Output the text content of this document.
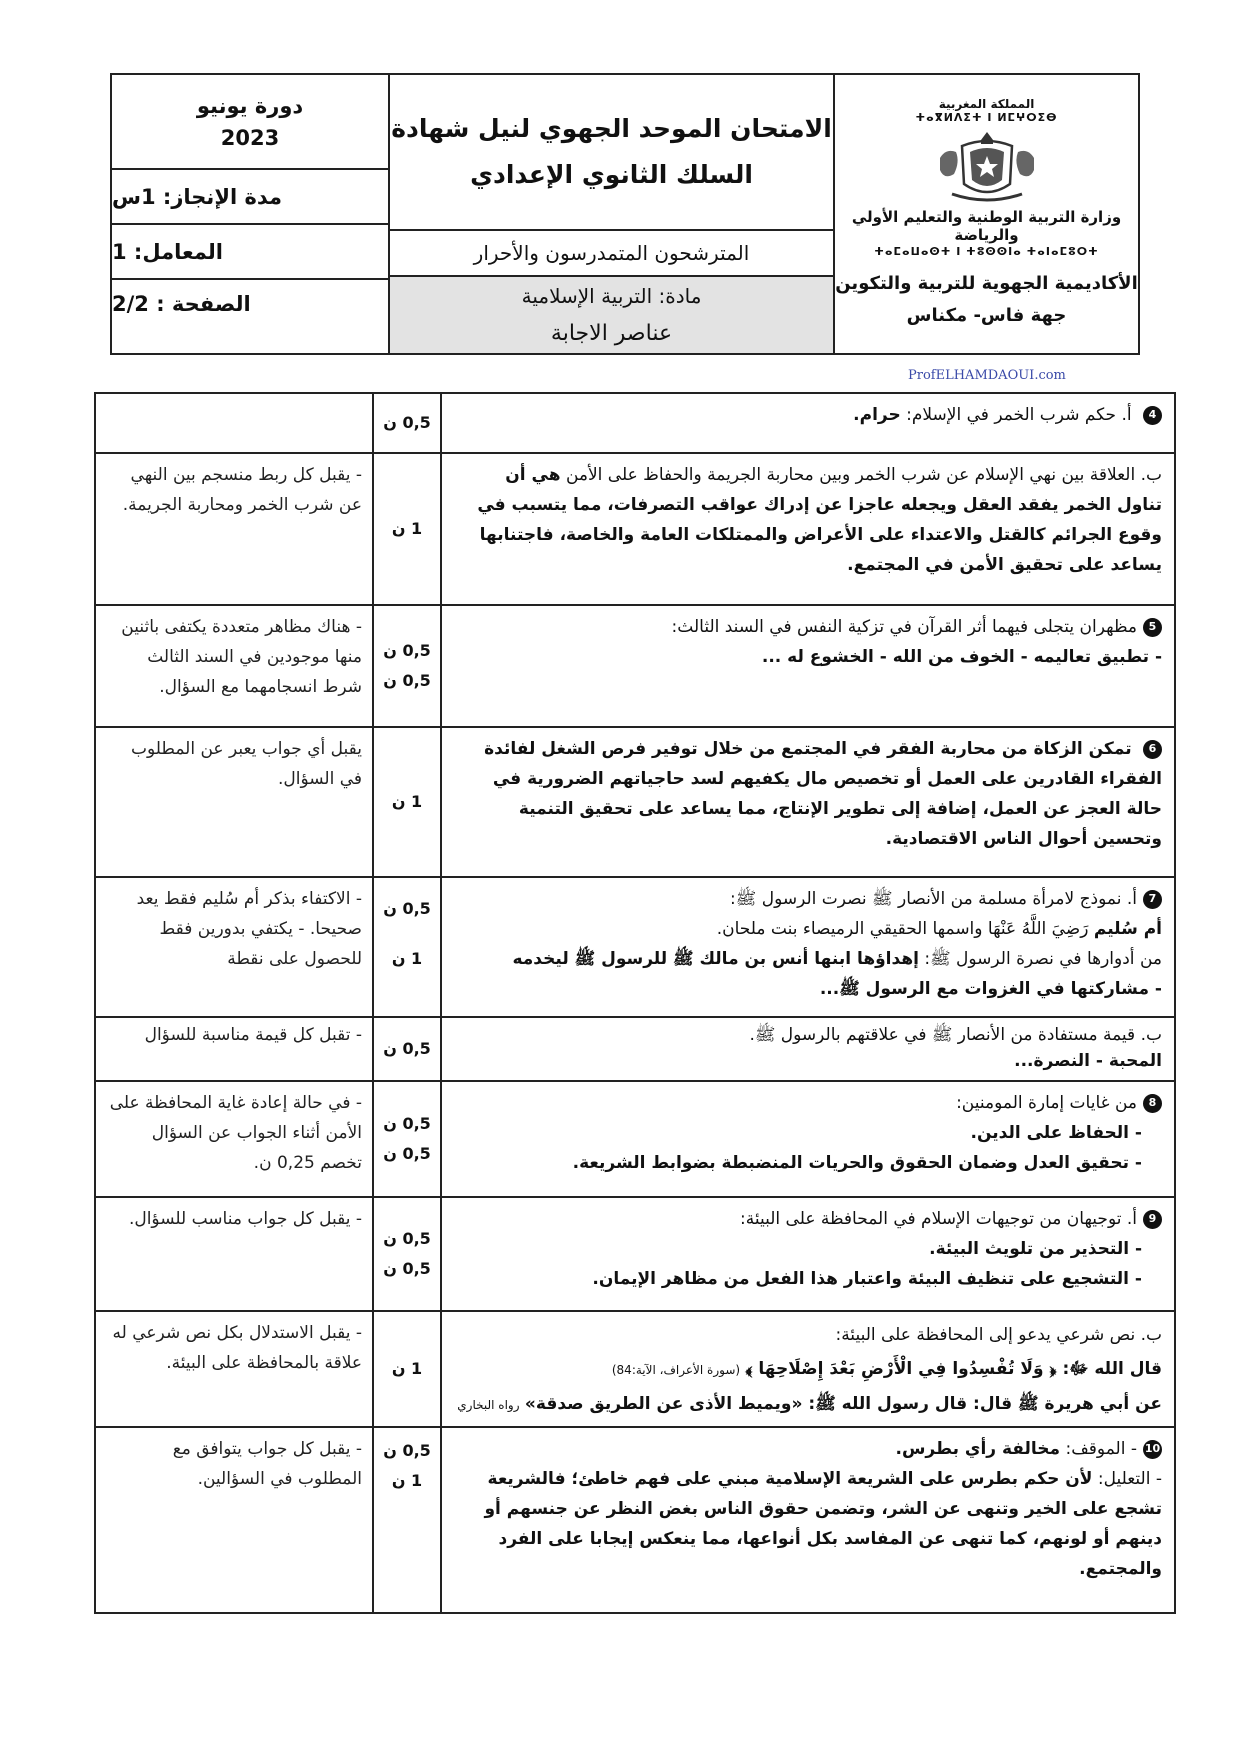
المملكة المغربية
ⵜⴰⴳⵍⴷⵉⵜ ⵏ ⵍⵎⵖⵔⵉⴱ
وزارة التربية الوطنية والتعليم الأولي والرياضة
ⵜⴰⵎⴰⵡⴰⵙⵜ ⵏ ⵜⵓⵙⵙⵏⴰ ⵜⴰⵏⴰⵎⵓⵔⵜ
الأكاديمية الجهوية للتربية والتكوين
جهة فاس- مكناس
الامتحان الموحد الجهوي لنيل شهادة
السلك الثانوي الإعدادي
المترشحون المتمدرسون والأحرار
مادة: التربية الإسلامية
عناصر الاجابة
دورة يونيو
2023
مدة الإنجاز: 1س
المعامل: 1
الصفحة : 2/2
ProfELHAMDAOUI.com
4 أ. حكم شرب الخمر في الإسلام: حرام.
0,5 ن
ب. العلاقة بين نهي الإسلام عن شرب الخمر وبين محاربة الجريمة والحفاظ على الأمن هي أن تناول الخمر يفقد العقل ويجعله عاجزا عن إدراك عواقب التصرفات، مما يتسبب في وقوع الجرائم كالقتل والاعتداء على الأعراض والممتلكات العامة والخاصة، فاجتنابها يساعد على تحقيق الأمن في المجتمع.
1 ن
- يقبل كل ربط منسجم بين النهي عن شرب الخمر ومحاربة الجريمة.
5مظهران يتجلى فيهما أثر القرآن في تزكية النفس في السند الثالث:
- تطبيق تعاليمه - الخوف من الله - الخشوع له ...
0,5 ن
0,5 ن
- هناك مظاهر متعددة يكتفى باثنين منها موجودين في السند الثالث شرط انسجامهما مع السؤال.
6 تمكن الزكاة من محاربة الفقر في المجتمع من خلال توفير فرص الشغل لفائدة الفقراء القادرين على العمل أو تخصيص مال يكفيهم لسد حاجياتهم الضرورية في حالة العجز عن العمل، إضافة إلى تطوير الإنتاج، مما يساعد على تحقيق التنمية وتحسين أحوال الناس الاقتصادية.
1 ن
يقبل أي جواب يعبر عن المطلوب في السؤال.
7أ. نموذج لامرأة مسلمة من الأنصار ﷺ نصرت الرسول ﷺ:
أم سُليم رَضِيَ اللَّهُ عَنْهَا واسمها الحقيقي الرميصاء بنت ملحان.
من أدوارها في نصرة الرسول ﷺ: إهداؤها ابنها أنس بن مالك ﷺ للرسول ﷺ ليخدمه
- مشاركتها في الغزوات مع الرسول ﷺ...
0,5 ن
1 ن
- الاكتفاء بذكر أم سُليم فقط يعد صحيحا. - يكتفي بدورين فقط للحصول على نقطة
ب. قيمة مستفادة من الأنصار ﷺ في علاقتهم بالرسول ﷺ.
المحبة - النصرة...
0,5 ن
- تقبل كل قيمة مناسبة للسؤال
8من غايات إمارة المومنين:
- الحفاظ على الدين.
- تحقيق العدل وضمان الحقوق والحريات المنضبطة بضوابط الشريعة.
0,5 ن
0,5 ن
- في حالة إعادة غاية المحافظة على الأمن أثناء الجواب عن السؤال تخصم 0,25 ن.
9أ. توجيهان من توجيهات الإسلام في المحافظة على البيئة:
- التحذير من تلويث البيئة.
- التشجيع على تنظيف البيئة واعتبار هذا الفعل من مظاهر الإيمان.
0,5 ن
0,5 ن
- يقبل كل جواب مناسب للسؤال.
ب. نص شرعي يدعو إلى المحافظة على البيئة:
قال الله ﷻ: ﴿ وَلَا تُفْسِدُوا فِي الْأَرْضِ بَعْدَ إِصْلَاحِهَا ﴾ (سورة الأعراف، الآية:84)
عن أبي هريرة ﷺ قال: قال رسول الله ﷺ: «ويميط الأذى عن الطريق صدقة» رواه البخاري
1 ن
- يقبل الاستدلال بكل نص شرعي له علاقة بالمحافظة على البيئة.
10- الموقف: مخالفة رأي بطرس.
- التعليل: لأن حكم بطرس على الشريعة الإسلامية مبني على فهم خاطئ؛ فالشريعة تشجع على الخير وتنهى عن الشر، وتضمن حقوق الناس بغض النظر عن جنسهم أو دينهم أو لونهم، كما تنهى عن المفاسد بكل أنواعها، مما ينعكس إيجابا على الفرد والمجتمع.
0,5 ن
1 ن
- يقبل كل جواب يتوافق مع المطلوب في السؤالين.
